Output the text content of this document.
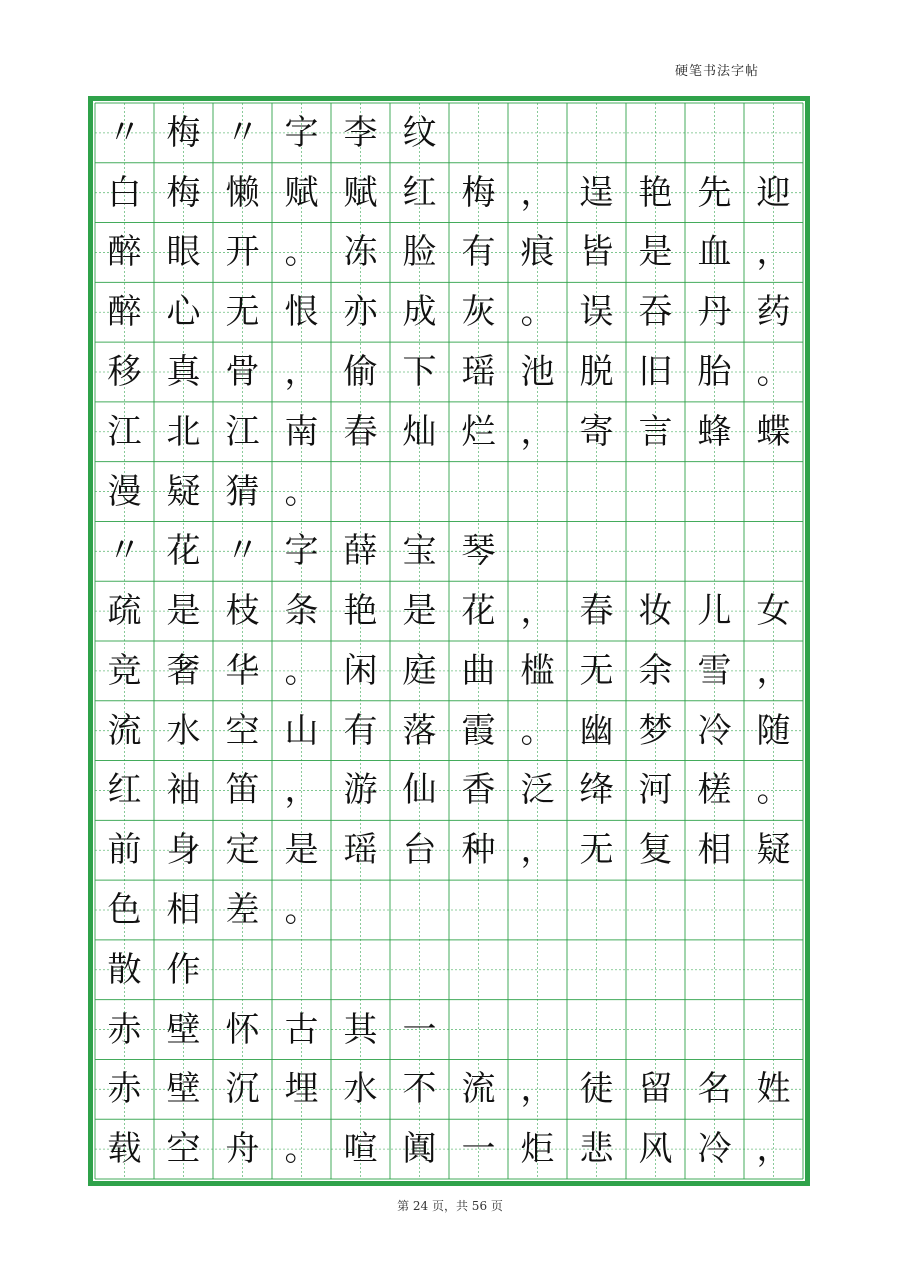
硬笔书法字帖
〃 梅 〃 字 李 纹
白 梅 懒 赋 赋 红 梅 ， 逞 艳 先 迎
醉 眼 开 。 冻 脸 有 痕 皆 是 血 ，
醉 心 无 恨 亦 成 灰 。 误 吞 丹 药
移 真 骨 ， 偷 下 瑶 池 脱 旧 胎 。
江 北 江 南 春 灿 烂 ， 寄 言 蜂 蝶
漫 疑 猜 。
〃 花 〃 字 薛 宝 琴
疏 是 枝 条 艳 是 花 ， 春 妆 儿 女
竞 奢 华 。 闲 庭 曲 槛 无 余 雪 ，
流 水 空 山 有 落 霞 。 幽 梦 冷 随
红 袖 笛 ， 游 仙 香 泛 绛 河 槎 。
前 身 定 是 瑶 台 种 ， 无 复 相 疑
色 相 差 。
散 作
赤 壁 怀 古 其 一
赤 壁 沉 埋 水 不 流 ， 徒 留 名 姓
载 空 舟 。 喧 阗 一 炬 悲 风 冷 ，
第 24 页，共 56 页
